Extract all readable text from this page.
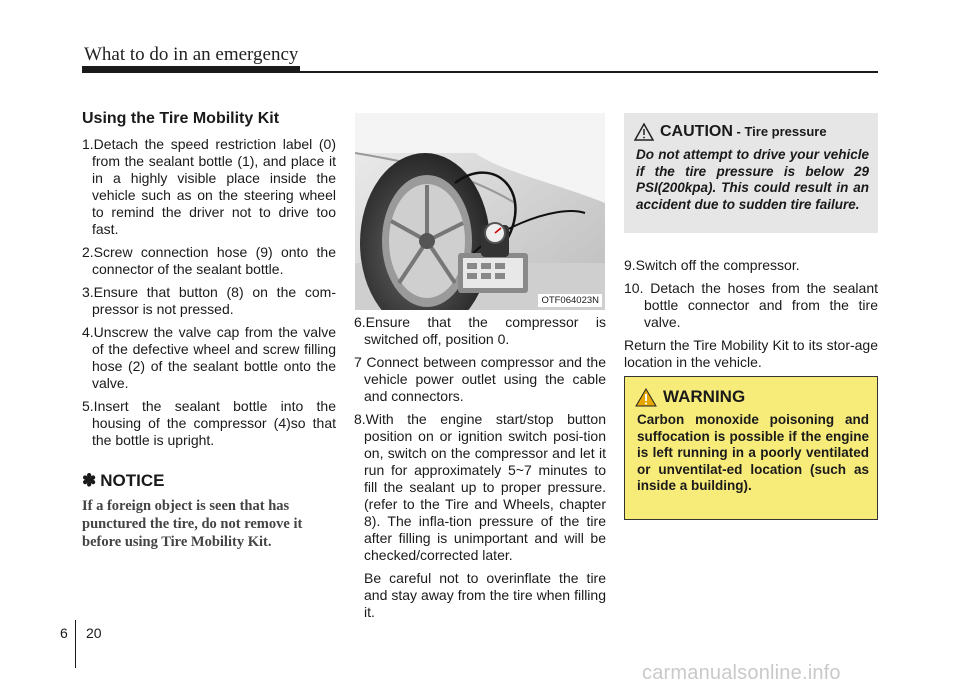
What to do in an emergency
Using the Tire Mobility Kit
1.Detach the speed restriction label (0) from the sealant bottle (1), and place it in a highly visible place inside the vehicle such as on the steering wheel to remind the driver not to drive too fast.
2.Screw connection hose (9) onto the connector of the sealant bottle.
3.Ensure that button (8) on the com-pressor is not pressed.
4.Unscrew the valve cap from the valve of the defective wheel and screw filling hose (2) of the sealant bottle onto the valve.
5.Insert the sealant bottle into the housing of the compressor (4)so that the bottle is upright.
✽ NOTICE
If a foreign object is seen that has punctured the tire, do not remove it before using Tire Mobility Kit.
OTF064023N
6.Ensure that the compressor is switched off, position 0.
7 Connect between compressor and the vehicle power outlet using the cable and connectors.
8.With the engine start/stop button position on or ignition switch posi-tion on, switch on the compressor and let it run for approximately 5~7 minutes to fill the sealant up to proper pressure. (refer to the Tire and Wheels, chapter 8). The infla-tion pressure of the tire after filling is unimportant and will be checked/corrected later.
Be careful not to overinflate the tire and stay away from the tire when filling it.
CAUTION - Tire pressure
Do not attempt to drive your vehicle if the tire pressure is below 29 PSI(200kpa). This could result in an accident due to sudden tire failure.
9.Switch off the compressor.
10. Detach the hoses from the sealant bottle connector and from the tire valve.
Return the Tire Mobility Kit to its stor-age location in the vehicle.
WARNING
Carbon monoxide poisoning and suffocation is possible if the engine is left running in a poorly ventilated or unventilat-ed location (such as inside a building).
6 20
carmanualsonline.info
